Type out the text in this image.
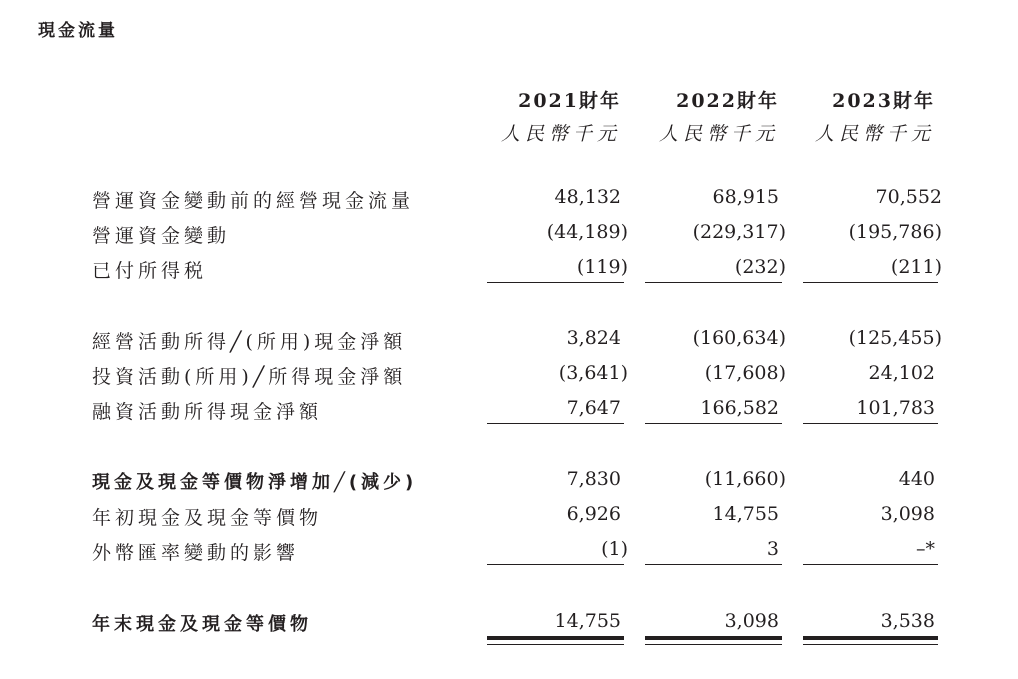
現金流量
2021財年	2022財年	2023財年
人民幣千元 人民幣千元 人民幣千元
營運資金變動前的經營現金流量	48,132	68,915	70,552
營運資金變動	(44,189)	(229,317)	(195,786)
已付所得税	(119)	(232)	(211)
經營活動所得╱(所用)現金淨額	3,824	(160,634)	(125,455)
投資活動(所用)╱所得現金淨額	(3,641)	(17,608)	24,102
融資活動所得現金淨額	7,647	166,582	101,783
現金及現金等價物淨增加╱(減少)	7,830	(11,660)	440
年初現金及現金等價物	6,926	14,755	3,098
外幣匯率變動的影響	(1)	3	–*
年末現金及現金等價物	14,755	3,098	3,538
